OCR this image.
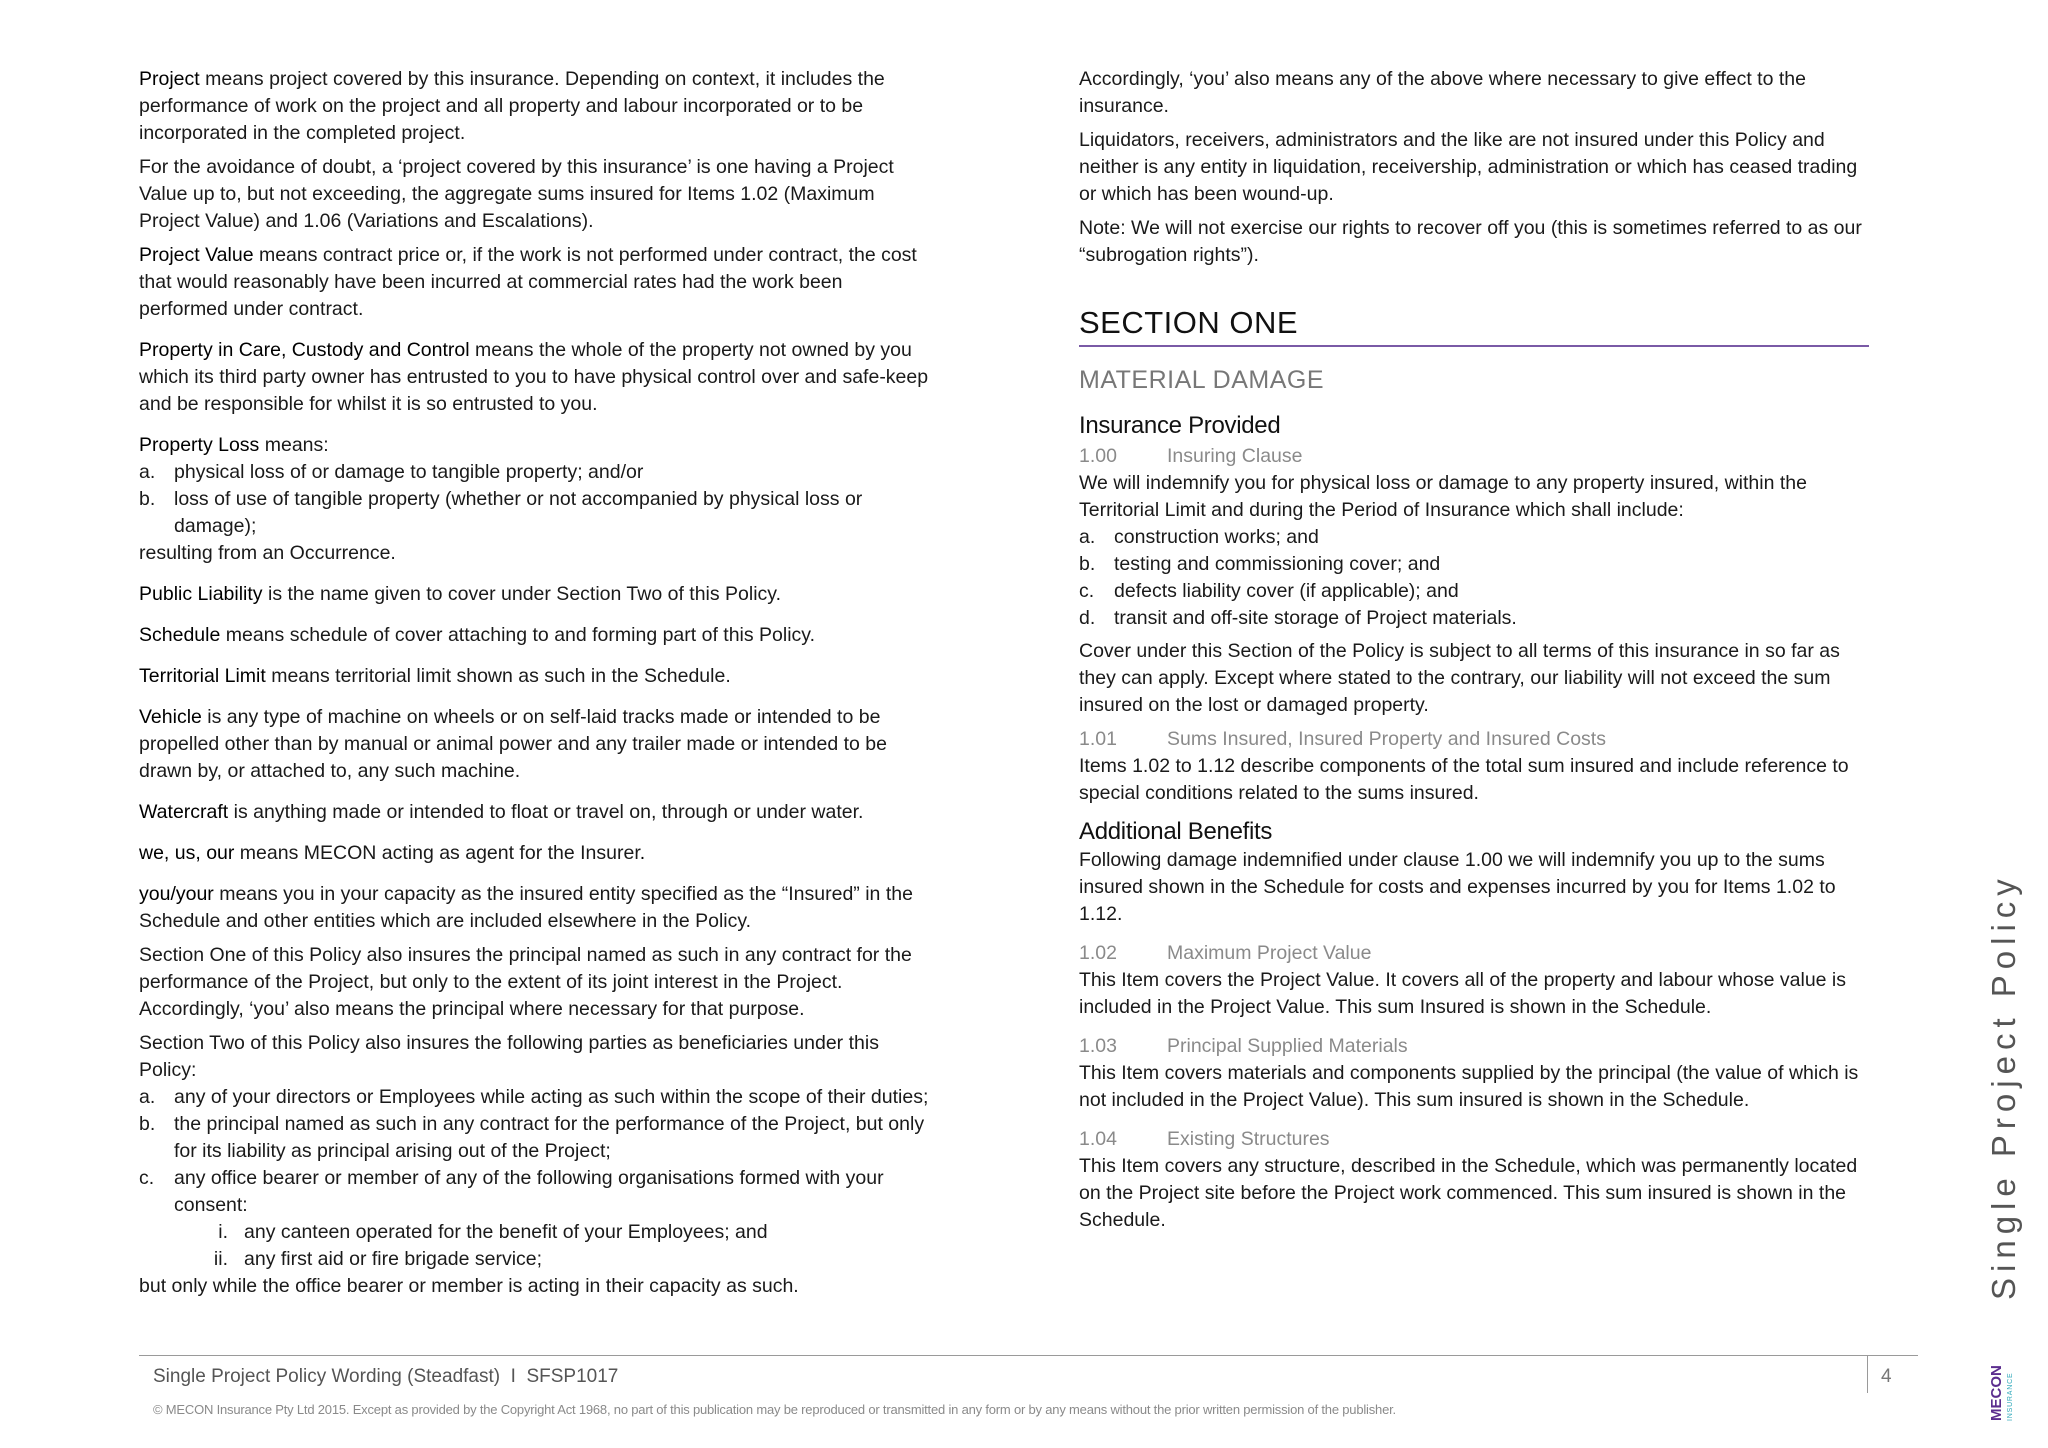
Project means project covered by this insurance. Depending on context, it includes the performance of work on the project and all property and labour incorporated or to be incorporated in the completed project.

For the avoidance of doubt, a ‘project covered by this insurance’ is one having a Project Value up to, but not exceeding, the aggregate sums insured for Items 1.02 (Maximum Project Value) and 1.06 (Variations and Escalations).

Project Value means contract price or, if the work is not performed under contract, the cost that would reasonably have been incurred at commercial rates had the work been performed under contract.

Property in Care, Custody and Control means the whole of the property not owned by you which its third party owner has entrusted to you to have physical control over and safe-keep and be responsible for whilst it is so entrusted to you.

Property Loss means:

a. physical loss of or damage to tangible property; and/or
b. loss of use of tangible property (whether or not accompanied by physical loss or damage);

resulting from an Occurrence.

Public Liability is the name given to cover under Section Two of this Policy.

Schedule means schedule of cover attaching to and forming part of this Policy.

Territorial Limit means territorial limit shown as such in the Schedule.

Vehicle is any type of machine on wheels or on self-laid tracks made or intended to be propelled other than by manual or animal power and any trailer made or intended to be drawn by, or attached to, any such machine.

Watercraft is anything made or intended to float or travel on, through or under water.

we, us, our means MECON acting as agent for the Insurer.

you/your means you in your capacity as the insured entity specified as the “Insured” in the Schedule and other entities which are included elsewhere in the Policy.

Section One of this Policy also insures the principal named as such in any contract for the performance of the Project, but only to the extent of its joint interest in the Project. Accordingly, ‘you’ also means the principal where necessary for that purpose.

Section Two of this Policy also insures the following parties as beneficiaries under this Policy:

a. any of your directors or Employees while acting as such within the scope of their duties;
b. the principal named as such in any contract for the performance of the Project, but only for its liability as principal arising out of the Project;
c. any office bearer or member of any of the following organisations formed with your consent:
i. any canteen operated for the benefit of your Employees; and
ii. any first aid or fire brigade service;

but only while the office bearer or member is acting in their capacity as such.

Accordingly, ‘you’ also means any of the above where necessary to give effect to the insurance.

Liquidators, receivers, administrators and the like are not insured under this Policy and neither is any entity in liquidation, receivership, administration or which has ceased trading or which has been wound-up.

Note: We will not exercise our rights to recover off you (this is sometimes referred to as our “subrogation rights”).

SECTION ONE
MATERIAL DAMAGE
Insurance Provided
1.00	Insuring Clause

We will indemnify you for physical loss or damage to any property insured, within the Territorial Limit and during the Period of Insurance which shall include:

a. construction works; and
b. testing and commissioning cover; and
c. defects liability cover (if applicable); and
d. transit and off-site storage of Project materials.

Cover under this Section of the Policy is subject to all terms of this insurance in so far as they can apply. Except where stated to the contrary, our liability will not exceed the sum insured on the lost or damaged property.

1.01	Sums Insured, Insured Property and Insured Costs

Items 1.02 to 1.12 describe components of the total sum insured and include reference to special conditions related to the sums insured.

Additional Benefits

Following damage indemnified under clause 1.00 we will indemnify you up to the sums insured shown in the Schedule for costs and expenses incurred by you for Items 1.02 to 1.12.

1.02	Maximum Project Value

This Item covers the Project Value. It covers all of the property and labour whose value is included in the Project Value. This sum Insured is shown in the Schedule.

1.03	Principal Supplied Materials

This Item covers materials and components supplied by the principal (the value of which is not included in the Project Value). This sum insured is shown in the Schedule.

1.04	Existing Structures

This Item covers any structure, described in the Schedule, which was permanently located on the Project site before the Project work commenced. This sum insured is shown in the Schedule.	Single Project Policy
Single Project Policy Wording (Steadfast)  I  SFSP1017	4
© MECON Insurance Pty Ltd 2015. Except as provided by the Copyright Act 1968, no part of this publication may be reproduced or transmitted in any form or by any means without the prior written permission of the publisher.	MECON INSURANCE
